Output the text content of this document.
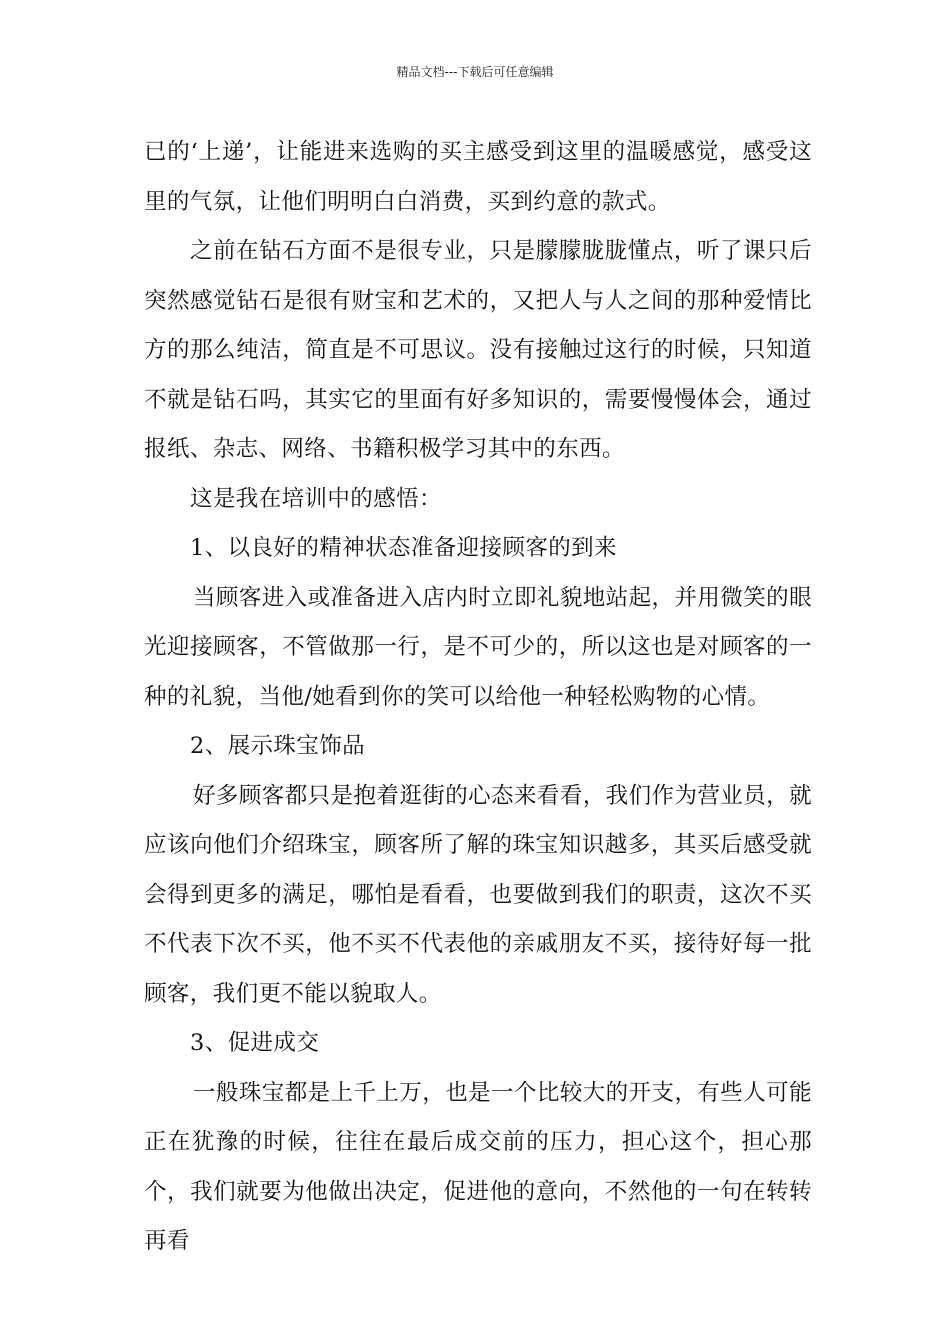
精品文档---下载后可任意编辑

已的‘上递’，让能进来选购的买主感受到这里的温暖感觉，感受这里的气氛，让他们明明白白消费，买到约意的款式。

之前在钻石方面不是很专业，只是朦朦胧胧懂点，听了课只后突然感觉钻石是很有财宝和艺术的，又把人与人之间的那种爱情比方的那么纯洁，简直是不可思议。没有接触过这行的时候，只知道不就是钻石吗，其实它的里面有好多知识的，需要慢慢体会，通过报纸、杂志、网络、书籍积极学习其中的东西。

这是我在培训中的感悟：

1、以良好的精神状态准备迎接顾客的到来

当顾客进入或准备进入店内时立即礼貌地站起，并用微笑的眼光迎接顾客，不管做那一行，是不可少的，所以这也是对顾客的一种的礼貌，当他/她看到你的笑可以给他一种轻松购物的心情。

2、展示珠宝饰品

好多顾客都只是抱着逛街的心态来看看，我们作为营业员，就应该向他们介绍珠宝，顾客所了解的珠宝知识越多，其买后感受就会得到更多的满足，哪怕是看看，也要做到我们的职责，这次不买不代表下次不买，他不买不代表他的亲戚朋友不买，接待好每一批顾客，我们更不能以貌取人。

3、促进成交

一般珠宝都是上千上万，也是一个比较大的开支，有些人可能正在犹豫的时候，往往在最后成交前的压力，担心这个，担心那个，我们就要为他做出决定，促进他的意向，不然他的一句在转转再看
